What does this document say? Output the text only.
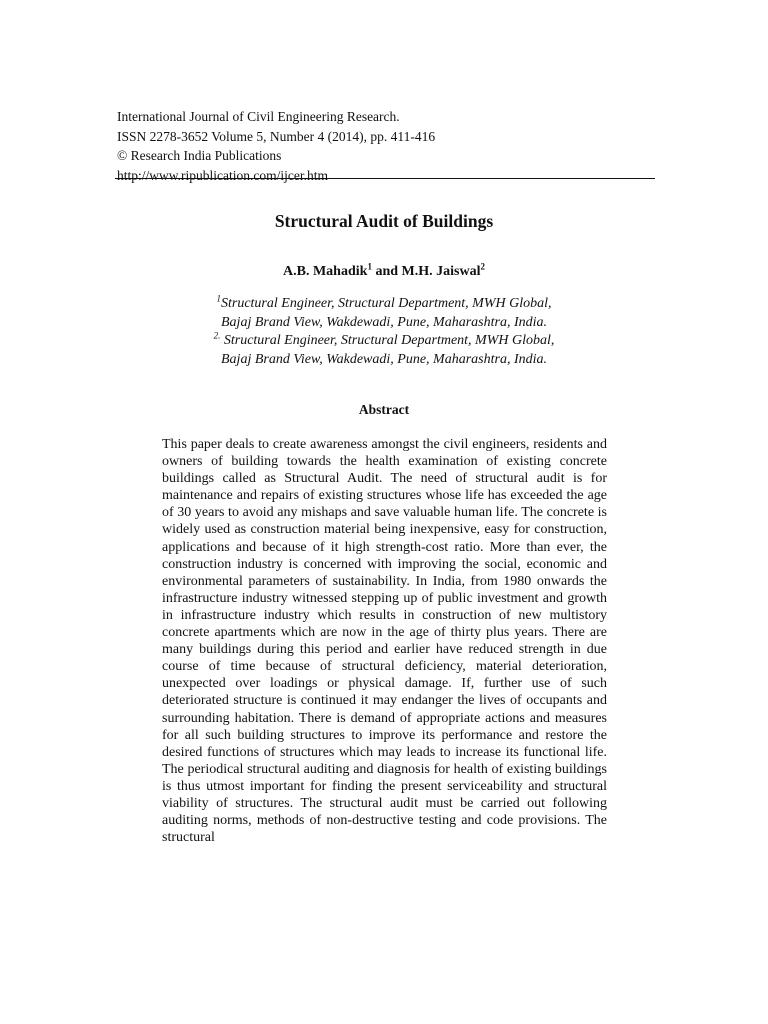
International Journal of Civil Engineering Research.
ISSN 2278-3652 Volume 5, Number 4 (2014), pp. 411-416
© Research India Publications
http://www.ripublication.com/ijcer.htm
Structural Audit of Buildings
A.B. Mahadik$^1$ and M.H. Jaiswal$^2$
$^1$Structural Engineer, Structural Department, MWH Global,
Bajaj Brand View, Wakdewadi, Pune, Maharashtra, India.
$^{2.}$ Structural Engineer, Structural Department, MWH Global,
Bajaj Brand View, Wakdewadi, Pune, Maharashtra, India.
Abstract
This paper deals to create awareness amongst the civil engineers, residents and owners of building towards the health examination of existing concrete buildings called as Structural Audit. The need of structural audit is for maintenance and repairs of existing structures whose life has exceeded the age of 30 years to avoid any mishaps and save valuable human life. The concrete is widely used as construction material being inexpensive, easy for construction, applications and because of it high strength-cost ratio. More than ever, the construction industry is concerned with improving the social, economic and environmental parameters of sustainability. In India, from 1980 onwards the infrastructure industry witnessed stepping up of public investment and growth in infrastructure industry which results in construction of new multistory concrete apartments which are now in the age of thirty plus years. There are many buildings during this period and earlier have reduced strength in due course of time because of structural deficiency, material deterioration, unexpected over loadings or physical damage. If, further use of such deteriorated structure is continued it may endanger the lives of occupants and surrounding habitation. There is demand of appropriate actions and measures for all such building structures to improve its performance and restore the desired functions of structures which may leads to increase its functional life. The periodical structural auditing and diagnosis for health of existing buildings is thus utmost important for finding the present serviceability and structural viability of structures. The structural audit must be carried out following auditing norms, methods of non-destructive testing and code provisions. The structural
